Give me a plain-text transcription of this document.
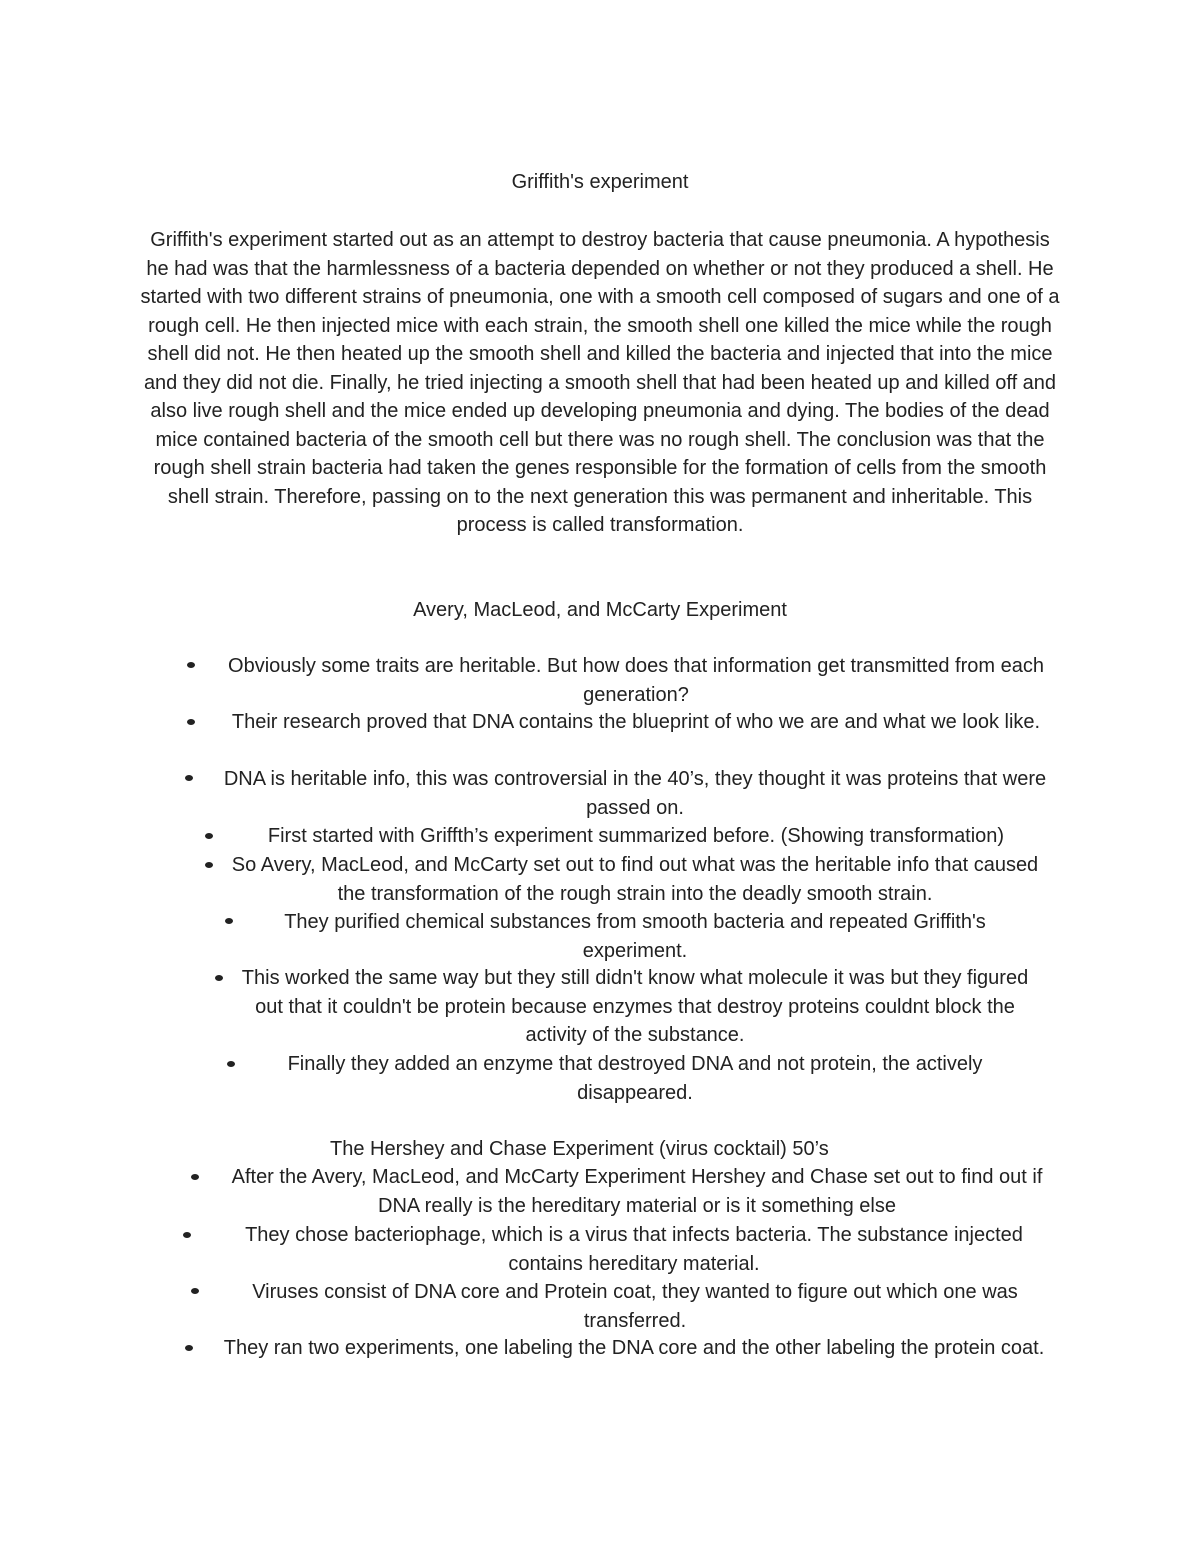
Griffith's experiment
Griffith's experiment started out as an attempt to destroy bacteria that cause pneumonia. A hypothesis he had was that the harmlessness of a bacteria depended on whether or not they produced a shell. He started with two different strains of pneumonia, one with a smooth cell composed of sugars and one of a rough cell. He then injected mice with each strain, the smooth shell one killed the mice while the rough shell did not. He then heated up the smooth shell and killed the bacteria and injected that into the mice and they did not die. Finally, he tried injecting a smooth shell that had been heated up and killed off and also live rough shell and the mice ended up developing pneumonia and dying. The bodies of the dead mice contained bacteria of the smooth cell but there was no rough shell. The conclusion was that the rough shell strain bacteria had taken the genes responsible for the formation of cells from the smooth shell strain. Therefore, passing on to the next generation this was permanent and inheritable. This process is called transformation.
Avery, MacLeod, and McCarty Experiment
Obviously some traits are heritable. But how does that information get transmitted from each generation?
Their research proved that DNA contains the blueprint of who we are and what we look like.
DNA is heritable info, this was controversial in the 40’s, they thought it was proteins that were passed on.
First started with Griffth’s experiment summarized before. (Showing transformation)
So Avery, MacLeod, and McCarty set out to find out what was the heritable info that caused the transformation of the rough strain into the deadly smooth strain.
They purified chemical substances from smooth bacteria and repeated Griffith's experiment.
This worked the same way but they still didn't know what molecule it was but they figured out that it couldn't be protein because enzymes that destroy proteins couldnt block the activity of the substance.
Finally they added an enzyme that destroyed DNA and not protein, the actively disappeared.
The Hershey and Chase Experiment (virus cocktail) 50’s
After the Avery, MacLeod, and McCarty Experiment Hershey and Chase set out to find out if DNA really is the hereditary material or is it something else
They chose bacteriophage, which is a virus that infects bacteria. The substance injected contains hereditary material.
Viruses consist of DNA core and Protein coat, they wanted to figure out which one was transferred.
They ran two experiments, one labeling the DNA core and the other labeling the protein coat.
